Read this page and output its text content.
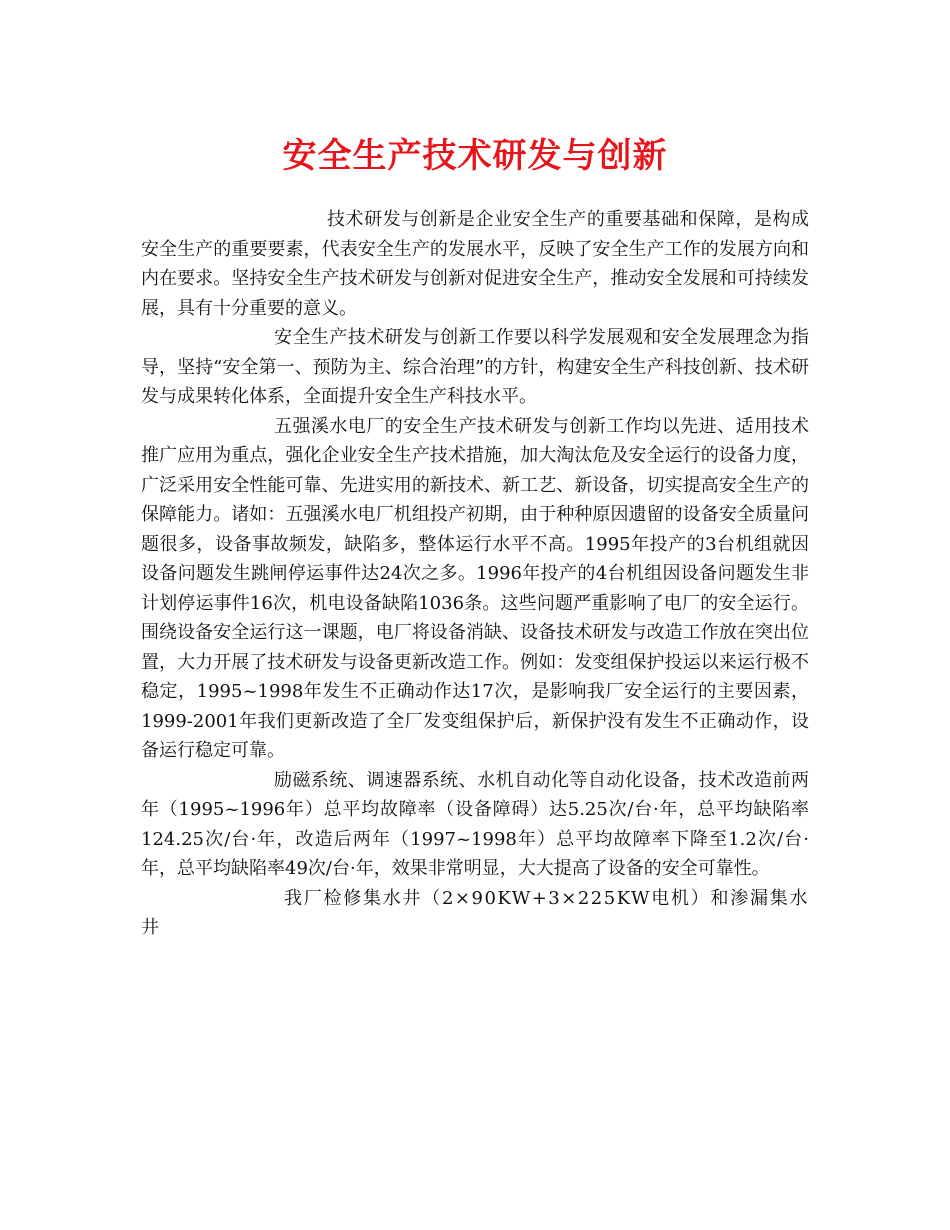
安全生产技术研发与创新

技术研发与创新是企业安全生产的重要基础和保障，是构成安全生产的重要要素，代表安全生产的发展水平，反映了安全生产工作的发展方向和内在要求。坚持安全生产技术研发与创新对促进安全生产，推动安全发展和可持续发展，具有十分重要的意义。

安全生产技术研发与创新工作要以科学发展观和安全发展理念为指导，坚持“安全第一、预防为主、综合治理”的方针，构建安全生产科技创新、技术研发与成果转化体系，全面提升安全生产科技水平。

五强溪水电厂的安全生产技术研发与创新工作均以先进、适用技术推广应用为重点，强化企业安全生产技术措施，加大淘汰危及安全运行的设备力度，广泛采用安全性能可靠、先进实用的新技术、新工艺、新设备，切实提高安全生产的保障能力。诸如：五强溪水电厂机组投产初期，由于种种原因遗留的设备安全质量问题很多，设备事故频发，缺陷多，整体运行水平不高。1995年投产的3台机组就因设备问题发生跳闸停运事件达24次之多。1996年投产的4台机组因设备问题发生非计划停运事件16次，机电设备缺陷1036条。这些问题严重影响了电厂的安全运行。围绕设备安全运行这一课题，电厂将设备消缺、设备技术研发与改造工作放在突出位置，大力开展了技术研发与设备更新改造工作。例如：发变组保护投运以来运行极不稳定，1995~1998年发生不正确动作达17次，是影响我厂安全运行的主要因素， 1999-2001年我们更新改造了全厂发变组保护后，新保护没有发生不正确动作，设备运行稳定可靠。

励磁系统、调速器系统、水机自动化等自动化设备，技术改造前两年（1995~1996年）总平均故障率（设备障碍）达5.25次/台·年，总平均缺陷率124.25次/台·年，改造后两年（1997~1998年）总平均故障率下降至1.2次/台·年，总平均缺陷率49次/台·年，效果非常明显，大大提高了设备的安全可靠性。

我厂检修集水井（2×90KW+3×225KW电机）和渗漏集水井
